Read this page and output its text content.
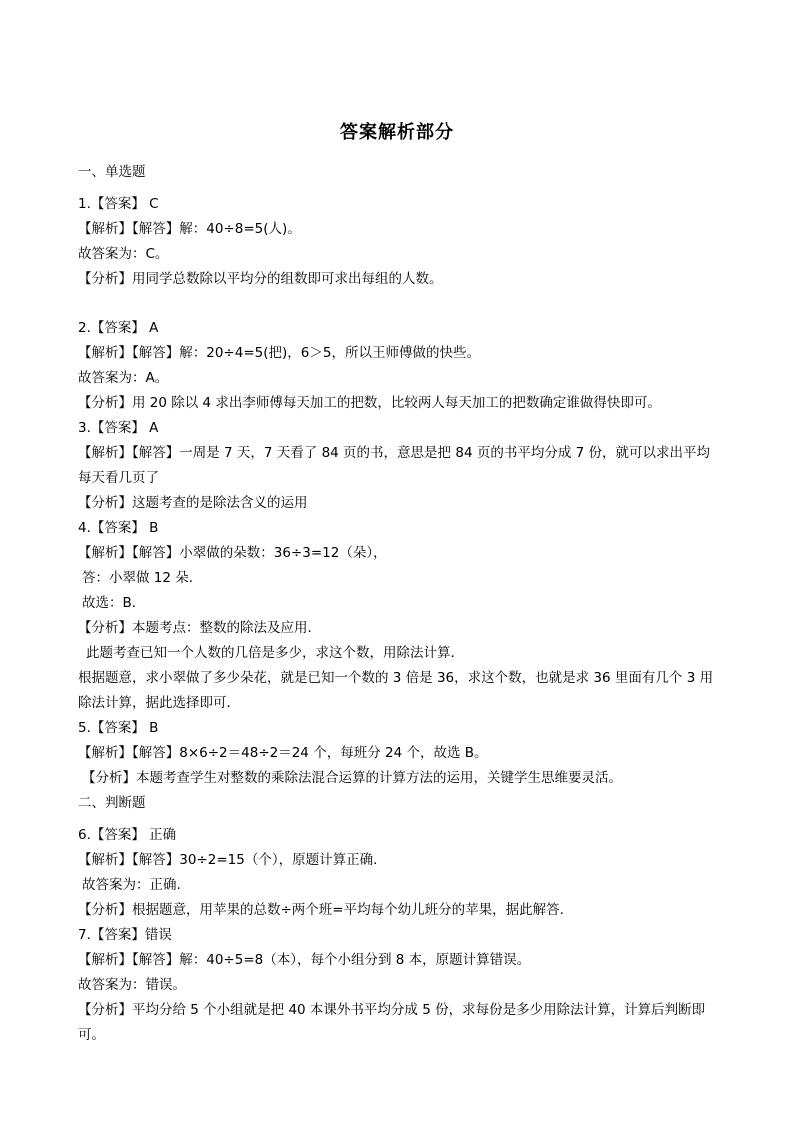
答案解析部分
一、单选题
1.【答案】 C
【解析】【解答】解：40÷8=5(人)。
故答案为：C。
【分析】用同学总数除以平均分的组数即可求出每组的人数。
2.【答案】 A
【解析】【解答】解：20÷4=5(把)，6＞5，所以王师傅做的快些。
故答案为：A。
【分析】用 20 除以 4 求出李师傅每天加工的把数，比较两人每天加工的把数确定谁做得快即可。
3.【答案】 A
【解析】【解答】一周是 7 天，7 天看了 84 页的书，意思是把 84 页的书平均分成 7 份，就可以求出平均
每天看几页了
【分析】这题考查的是除法含义的运用
4.【答案】 B
【解析】【解答】小翠做的朵数：36÷3=12（朵），
答：小翠做 12 朵．
故选：B．
【分析】本题考点：整数的除法及应用．
此题考查已知一个人数的几倍是多少，求这个数，用除法计算．
根据题意，求小翠做了多少朵花，就是已知一个数的 3 倍是 36，求这个数，也就是求 36 里面有几个 3 用
除法计算，据此选择即可．
5.【答案】 B
【解析】【解答】8×6÷2＝48÷2＝24 个，每班分 24 个，故选 B。
【分析】本题考查学生对整数的乘除法混合运算的计算方法的运用，关键学生思维要灵活。
二、判断题
6.【答案】 正确
【解析】【解答】30÷2=15（个），原题计算正确.
故答案为：正确.
【分析】根据题意，用苹果的总数÷两个班=平均每个幼儿班分的苹果，据此解答.
7.【答案】错误
【解析】【解答】解：40÷5=8（本），每个小组分到 8 本，原题计算错误。
故答案为：错误。
【分析】平均分给 5 个小组就是把 40 本课外书平均分成 5 份，求每份是多少用除法计算，计算后判断即
可。
